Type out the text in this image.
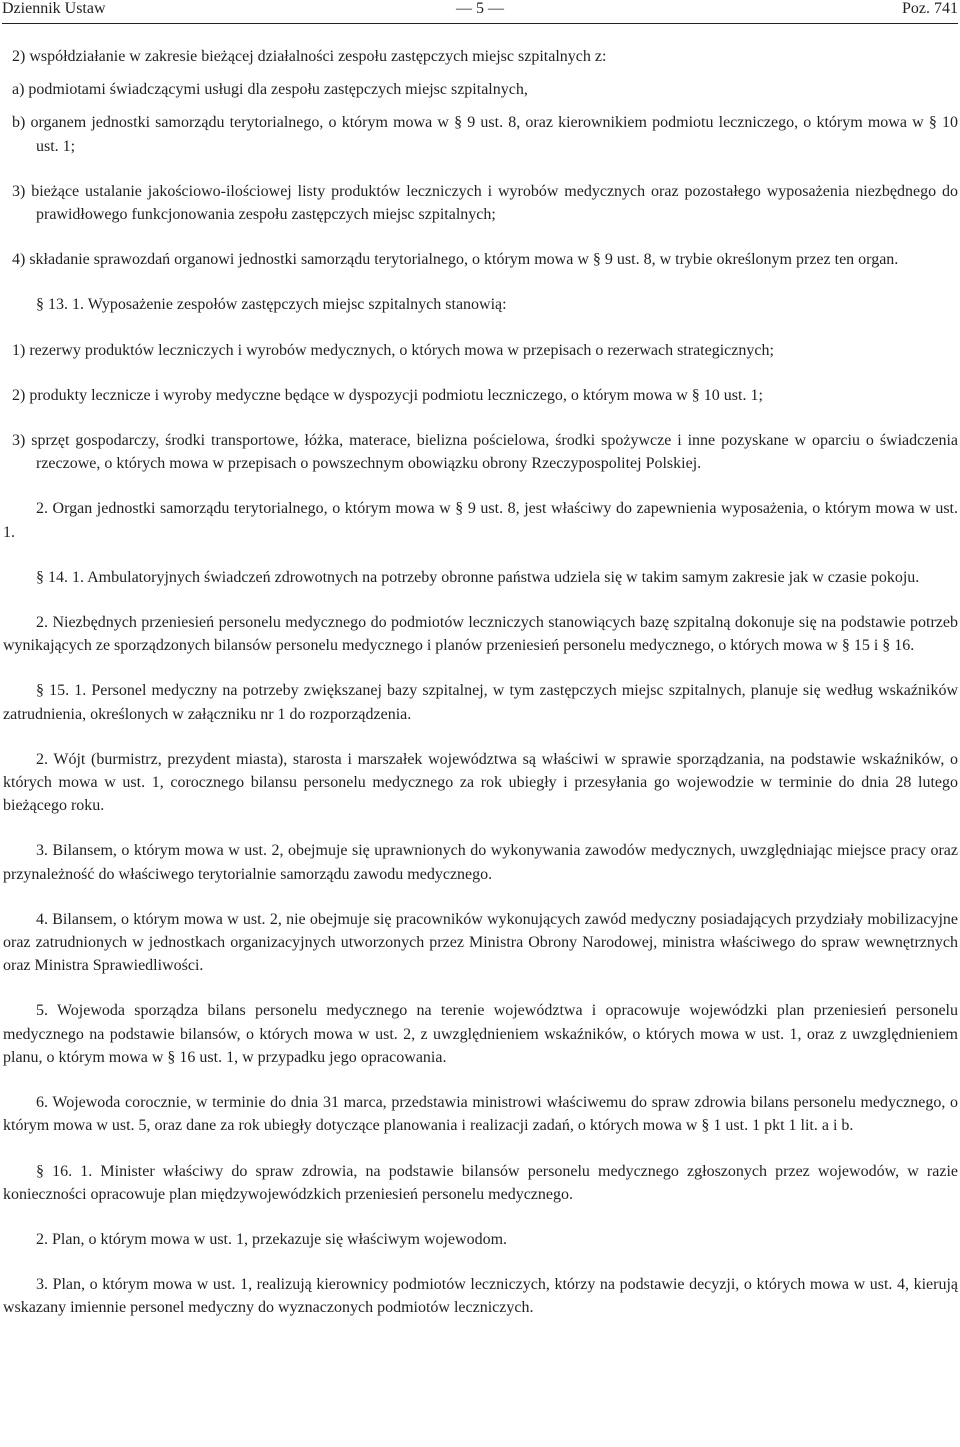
Dziennik Ustaw	— 5 —	Poz. 741

2) współdziałanie w zakresie bieżącej działalności zespołu zastępczych miejsc szpitalnych z:

a) podmiotami świadczącymi usługi dla zespołu zastępczych miejsc szpitalnych,

b) organem jednostki samorządu terytorialnego, o którym mowa w § 9 ust. 8, oraz kierownikiem podmiotu leczniczego, o którym mowa w § 10 ust. 1;

3) bieżące ustalanie jakościowo-ilościowej listy produktów leczniczych i wyrobów medycznych oraz pozostałego wyposażenia niezbędnego do prawidłowego funkcjonowania zespołu zastępczych miejsc szpitalnych;

4) składanie sprawozdań organowi jednostki samorządu terytorialnego, o którym mowa w § 9 ust. 8, w trybie określonym przez ten organ.

§ 13. 1. Wyposażenie zespołów zastępczych miejsc szpitalnych stanowią:

1) rezerwy produktów leczniczych i wyrobów medycznych, o których mowa w przepisach o rezerwach strategicznych;

2) produkty lecznicze i wyroby medyczne będące w dyspozycji podmiotu leczniczego, o którym mowa w § 10 ust. 1;

3) sprzęt gospodarczy, środki transportowe, łóżka, materace, bielizna pościelowa, środki spożywcze i inne pozyskane w oparciu o świadczenia rzeczowe, o których mowa w przepisach o powszechnym obowiązku obrony Rzeczypospolitej Polskiej.

2. Organ jednostki samorządu terytorialnego, o którym mowa w § 9 ust. 8, jest właściwy do zapewnienia wyposażenia, o którym mowa w ust. 1.

§ 14. 1. Ambulatoryjnych świadczeń zdrowotnych na potrzeby obronne państwa udziela się w takim samym zakresie jak w czasie pokoju.

2. Niezbędnych przeniesień personelu medycznego do podmiotów leczniczych stanowiących bazę szpitalną dokonuje się na podstawie potrzeb wynikających ze sporządzonych bilansów personelu medycznego i planów przeniesień personelu medycznego, o których mowa w § 15 i § 16.

§ 15. 1. Personel medyczny na potrzeby zwiększanej bazy szpitalnej, w tym zastępczych miejsc szpitalnych, planuje się według wskaźników zatrudnienia, określonych w załączniku nr 1 do rozporządzenia.

2. Wójt (burmistrz, prezydent miasta), starosta i marszałek województwa są właściwi w sprawie sporządzania, na podstawie wskaźników, o których mowa w ust. 1, corocznego bilansu personelu medycznego za rok ubiegły i przesyłania go wojewodzie w terminie do dnia 28 lutego bieżącego roku.

3. Bilansem, o którym mowa w ust. 2, obejmuje się uprawnionych do wykonywania zawodów medycznych, uwzględniając miejsce pracy oraz przynależność do właściwego terytorialnie samorządu zawodu medycznego.

4. Bilansem, o którym mowa w ust. 2, nie obejmuje się pracowników wykonujących zawód medyczny posiadających przydziały mobilizacyjne oraz zatrudnionych w jednostkach organizacyjnych utworzonych przez Ministra Obrony Narodowej, ministra właściwego do spraw wewnętrznych oraz Ministra Sprawiedliwości.

5. Wojewoda sporządza bilans personelu medycznego na terenie województwa i opracowuje wojewódzki plan przeniesień personelu medycznego na podstawie bilansów, o których mowa w ust. 2, z uwzględnieniem wskaźników, o których mowa w ust. 1, oraz z uwzględnieniem planu, o którym mowa w § 16 ust. 1, w przypadku jego opracowania.

6. Wojewoda corocznie, w terminie do dnia 31 marca, przedstawia ministrowi właściwemu do spraw zdrowia bilans personelu medycznego, o którym mowa w ust. 5, oraz dane za rok ubiegły dotyczące planowania i realizacji zadań, o których mowa w § 1 ust. 1 pkt 1 lit. a i b.

§ 16. 1. Minister właściwy do spraw zdrowia, na podstawie bilansów personelu medycznego zgłoszonych przez wojewodów, w razie konieczności opracowuje plan międzywojewódzkich przeniesień personelu medycznego.

2. Plan, o którym mowa w ust. 1, przekazuje się właściwym wojewodom.

3. Plan, o którym mowa w ust. 1, realizują kierownicy podmiotów leczniczych, którzy na podstawie decyzji, o których mowa w ust. 4, kierują wskazany imiennie personel medyczny do wyznaczonych podmiotów leczniczych.
